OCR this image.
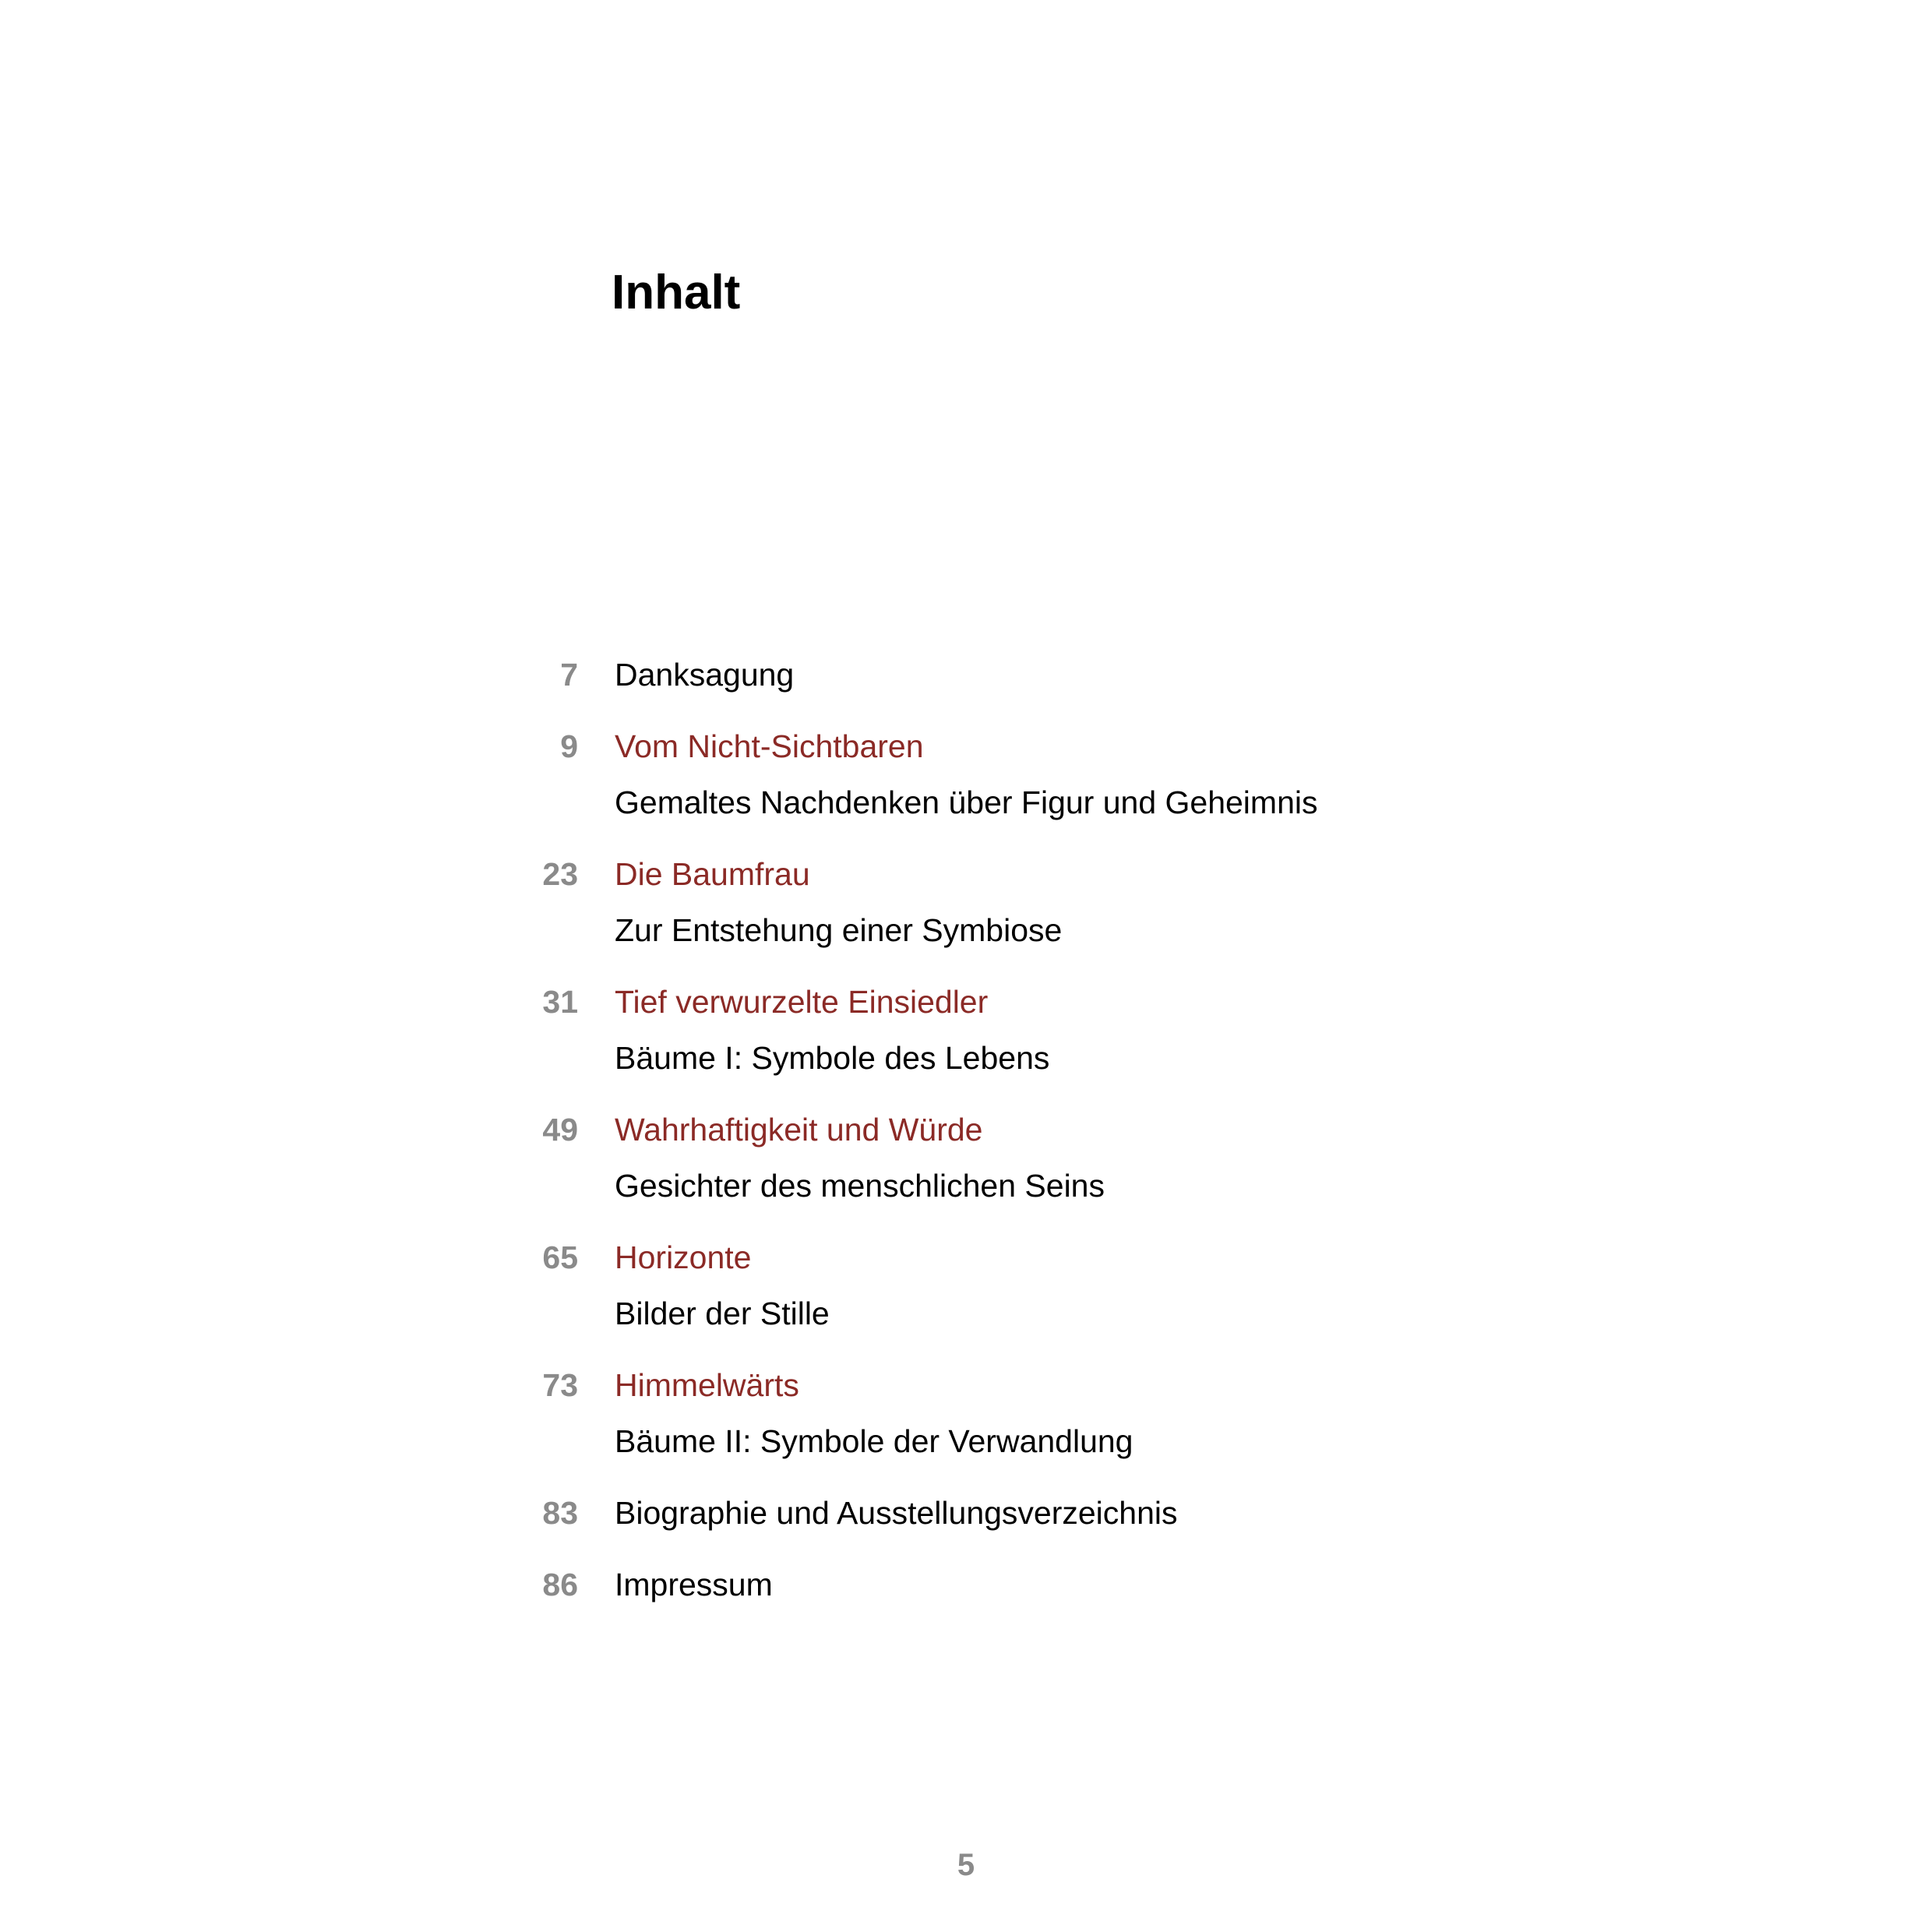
Inhalt
7 Danksagung
9 Vom Nicht-Sichtbaren
Gemaltes Nachdenken über Figur und Geheimnis
23 Die Baumfrau
Zur Entstehung einer Symbiose
31 Tief verwurzelte Einsiedler
Bäume I: Symbole des Lebens
49 Wahrhaftigkeit und Würde
Gesichter des menschlichen Seins
65 Horizonte
Bilder der Stille
73 Himmelwärts
Bäume II: Symbole der Verwandlung
83 Biographie und Ausstellungsverzeichnis
86 Impressum
5
